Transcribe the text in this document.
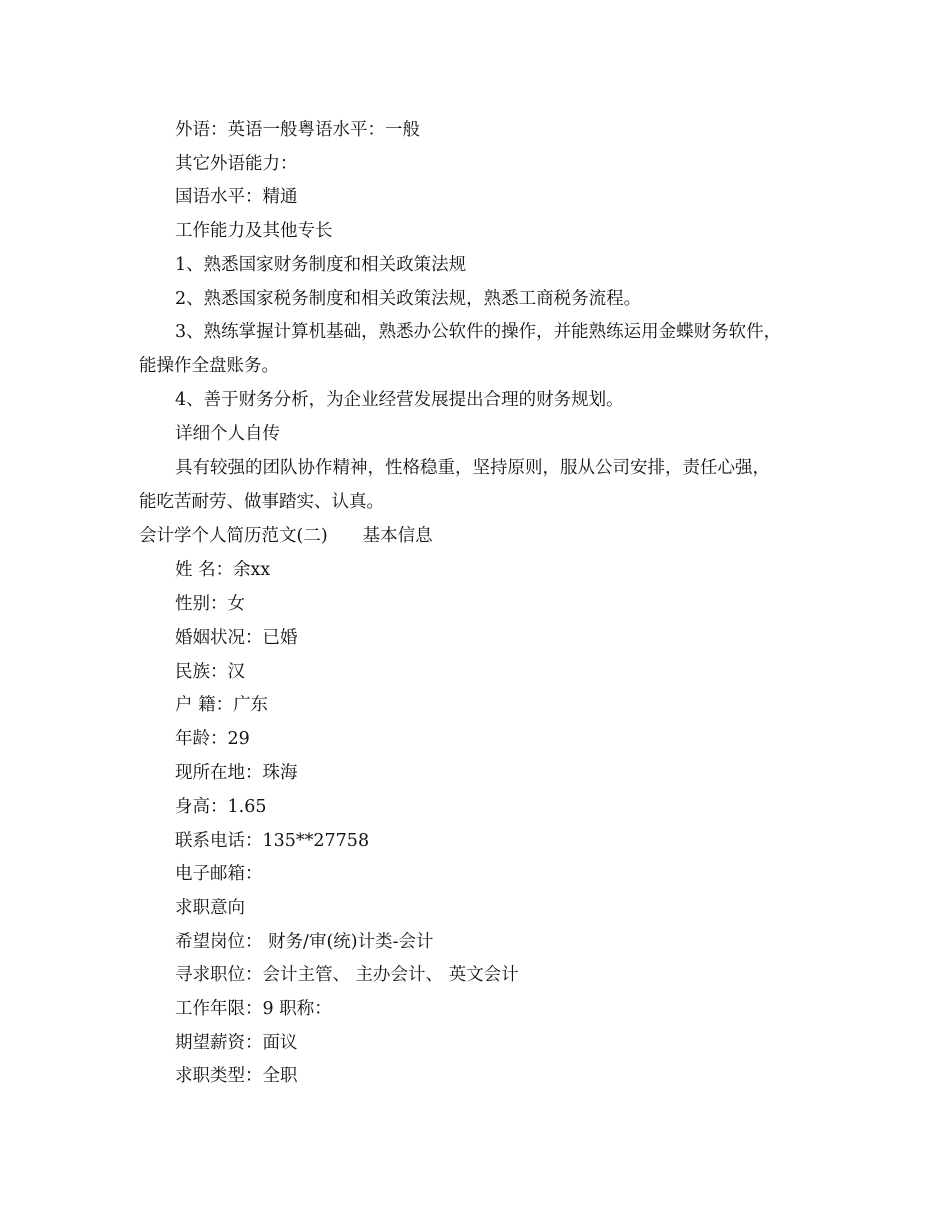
外语：英语一般粤语水平：一般
其它外语能力：
国语水平：精通
工作能力及其他专长
1、熟悉国家财务制度和相关政策法规
2、熟悉国家税务制度和相关政策法规，熟悉工商税务流程。
3、熟练掌握计算机基础，熟悉办公软件的操作，并能熟练运用金蝶财务软件，
能操作全盘账务。
4、善于财务分析，为企业经营发展提出合理的财务规划。
详细个人自传
具有较强的团队协作精神，性格稳重，坚持原则，服从公司安排，责任心强，
能吃苦耐劳、做事踏实、认真。
会计学个人简历范文(二)　　基本信息
姓 名：余xx
性别：女
婚姻状况：已婚
民族：汉
户 籍：广东
年龄：29
现所在地：珠海
身高：1.65
联系电话：135**27758
电子邮箱：
求职意向
希望岗位： 财务/审(统)计类-会计
寻求职位：会计主管、 主办会计、 英文会计
工作年限：9 职称：
期望薪资：面议
求职类型：全职
